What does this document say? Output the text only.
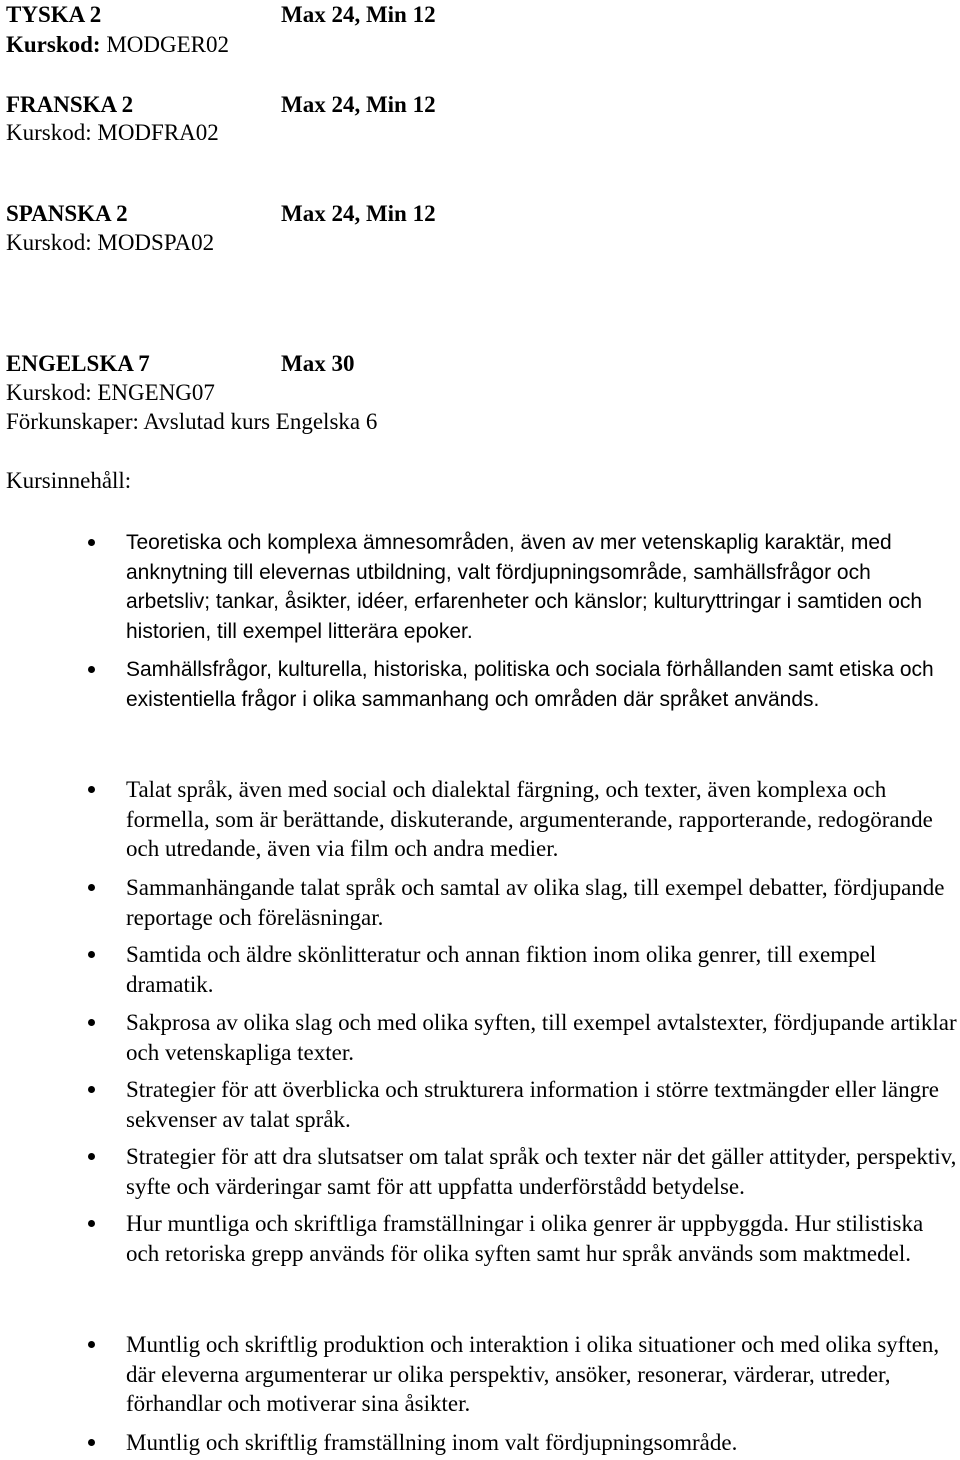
TYSKA 2	Max 24, Min 12
Kurskod: MODGER02
FRANSKA 2	Max 24, Min 12
Kurskod: MODFRA02
SPANSKA 2	Max 24, Min 12
Kurskod: MODSPA02
ENGELSKA 7	Max 30
Kurskod: ENGENG07
Förkunskaper: Avslutad kurs Engelska 6
Kursinnehåll:
Teoretiska och komplexa ämnesområden, även av mer vetenskaplig karaktär, med anknytning till elevernas utbildning, valt fördjupningsområde, samhällsfrågor och arbetsliv; tankar, åsikter, idéer, erfarenheter och känslor; kulturyttringar i samtiden och historien, till exempel litterära epoker.
Samhällsfrågor, kulturella, historiska, politiska och sociala förhållanden samt etiska och existentiella frågor i olika sammanhang och områden där språket används.
Talat språk, även med social och dialektal färgning, och texter, även komplexa och formella, som är berättande, diskuterande, argumenterande, rapporterande, redogörande och utredande, även via film och andra medier.
Sammanhängande talat språk och samtal av olika slag, till exempel debatter, fördjupande reportage och föreläsningar.
Samtida och äldre skönlitteratur och annan fiktion inom olika genrer, till exempel dramatik.
Sakprosa av olika slag och med olika syften, till exempel avtalstexter, fördjupande artiklar och vetenskapliga texter.
Strategier för att överblicka och strukturera information i större textmängder eller längre sekvenser av talat språk.
Strategier för att dra slutsatser om talat språk och texter när det gäller attityder, perspektiv, syfte och värderingar samt för att uppfatta underförstådd betydelse.
Hur muntliga och skriftliga framställningar i olika genrer är uppbyggda. Hur stilistiska och retoriska grepp används för olika syften samt hur språk används som maktmedel.
Muntlig och skriftlig produktion och interaktion i olika situationer och med olika syften, där eleverna argumenterar ur olika perspektiv, ansöker, resonerar, värderar, utreder, förhandlar och motiverar sina åsikter.
Muntlig och skriftlig framställning inom valt fördjupningsområde.
